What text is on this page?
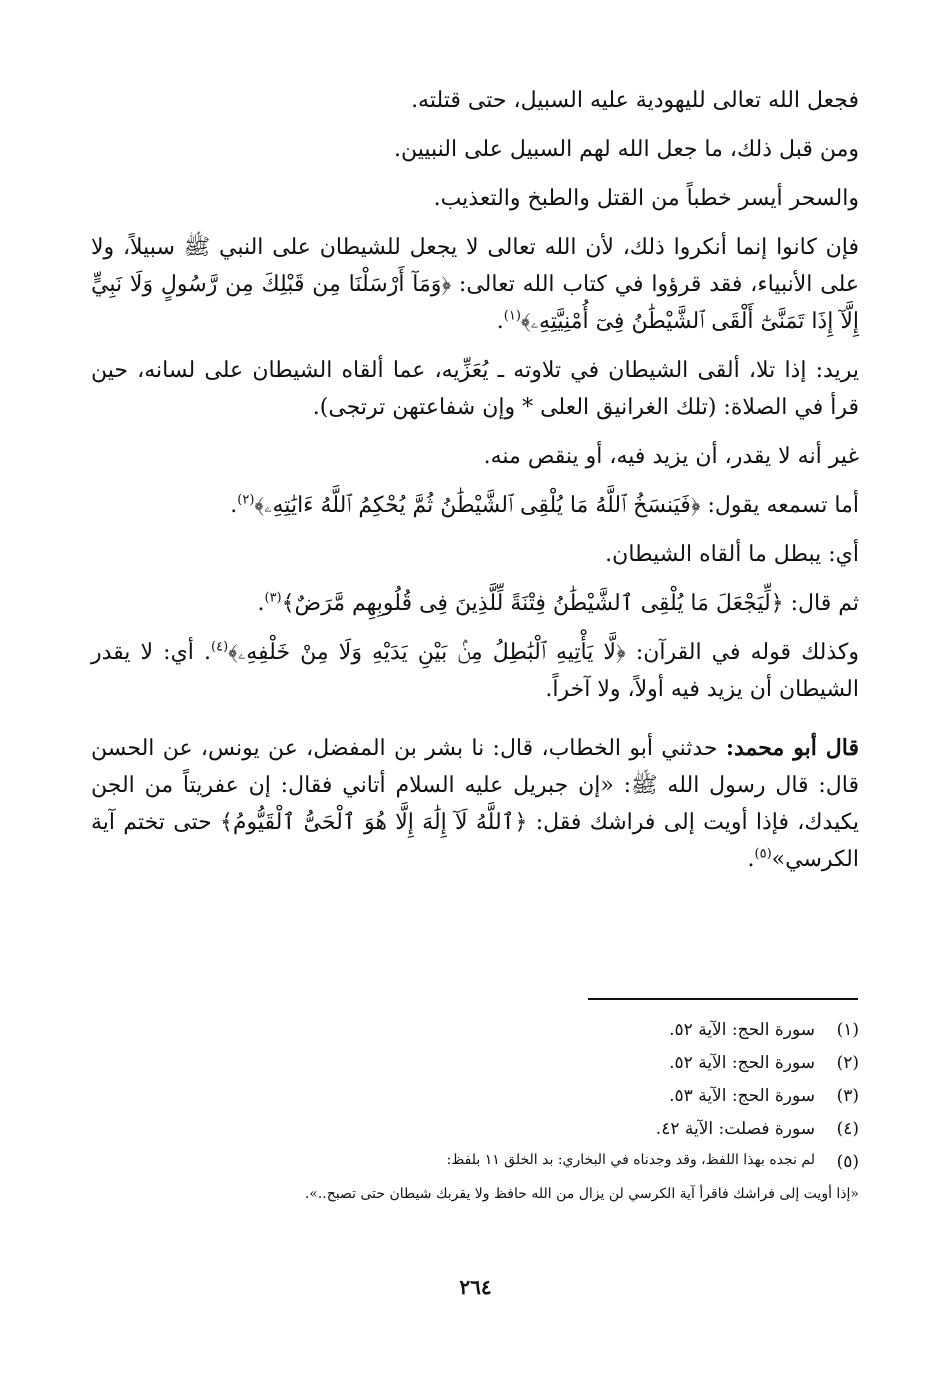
فجعل الله تعالى لليهودية عليه السبيل، حتى قتلته.

ومن قبل ذلك، ما جعل الله لهم السبيل على النبيين.

والسحر أيسر خطباً من القتل والطبخ والتعذيب.

فإن كانوا إنما أنكروا ذلك، لأن الله تعالى لا يجعل للشيطان على النبي ﷺ سبيلاً، ولا على الأنبياء، فقد قرؤوا في كتاب الله تعالى: ﴿وَمَآ أَرْسَلْنَا مِن قَبْلِكَ مِن رَّسُولٍ وَلَا نَبِيٍّ إِلَّآ إِذَا تَمَنَّىٰٓ أَلْقَى ٱلشَّيْطَٰنُ فِىٓ أُمْنِيَّتِهِۦ﴾$^{(١)}$.

يريد: إذا تلا، ألقى الشيطان في تلاوته ـ يُعَزِّيه، عما ألقاه الشيطان على لسانه، حين قرأ في الصلاة: (تلك الغرانيق العلى * وإن شفاعتهن ترتجى).

غير أنه لا يقدر، أن يزيد فيه، أو ينقص منه.

أما تسمعه يقول: ﴿فَيَنسَخُ ٱللَّهُ مَا يُلْقِى ٱلشَّيْطَٰنُ ثُمَّ يُحْكِمُ ٱللَّهُ ءَايَٰتِهِۦ﴾$^{(٢)}$.

أي: يبطل ما ألقاه الشيطان.

ثم قال: ﴿لِّيَجْعَلَ مَا يُلْقِى ٱلشَّيْطَٰنُ فِتْنَةً لِّلَّذِينَ فِى قُلُوبِهِم مَّرَضٌ﴾$^{(٣)}$.

وكذلك قوله في القرآن: ﴿لَّا يَأْتِيهِ ٱلْبَٰطِلُ مِنۢ بَيْنِ يَدَيْهِ وَلَا مِنْ خَلْفِهِۦ﴾$^{(٤)}$. أي: لا يقدر الشيطان أن يزيد فيه أولاً، ولا آخراً.

قال أبو محمد: حدثني أبو الخطاب، قال: نا بشر بن المفضل، عن يونس، عن الحسن قال: قال رسول الله ﷺ: «إن جبريل عليه السلام أتاني فقال: إن عفريتاً من الجن يكيدك، فإذا أويت إلى فراشك فقل: ﴿ٱللَّهُ لَآ إِلَٰهَ إِلَّا هُوَ ٱلْحَىُّ ٱلْقَيُّومُ﴾ حتى تختم آية الكرسي»$^{(٥)}$.

(١)
سورة الحج: الآية ٥٢.
(٢)
سورة الحج: الآية ٥٢.
(٣)
سورة الحج: الآية ٥٣.
(٤)
سورة فصلت: الآية ٤٢.
(٥)
لم نجده بهذا اللفظ، وقد وجدناه في البخاري: بد الخلق ١١ بلفظ:
«إذا أويت إلى فراشك فاقرأ آية الكرسي لن يزال من الله حافظ ولا يقربك شيطان حتى تصبح..».
٢٦٤
